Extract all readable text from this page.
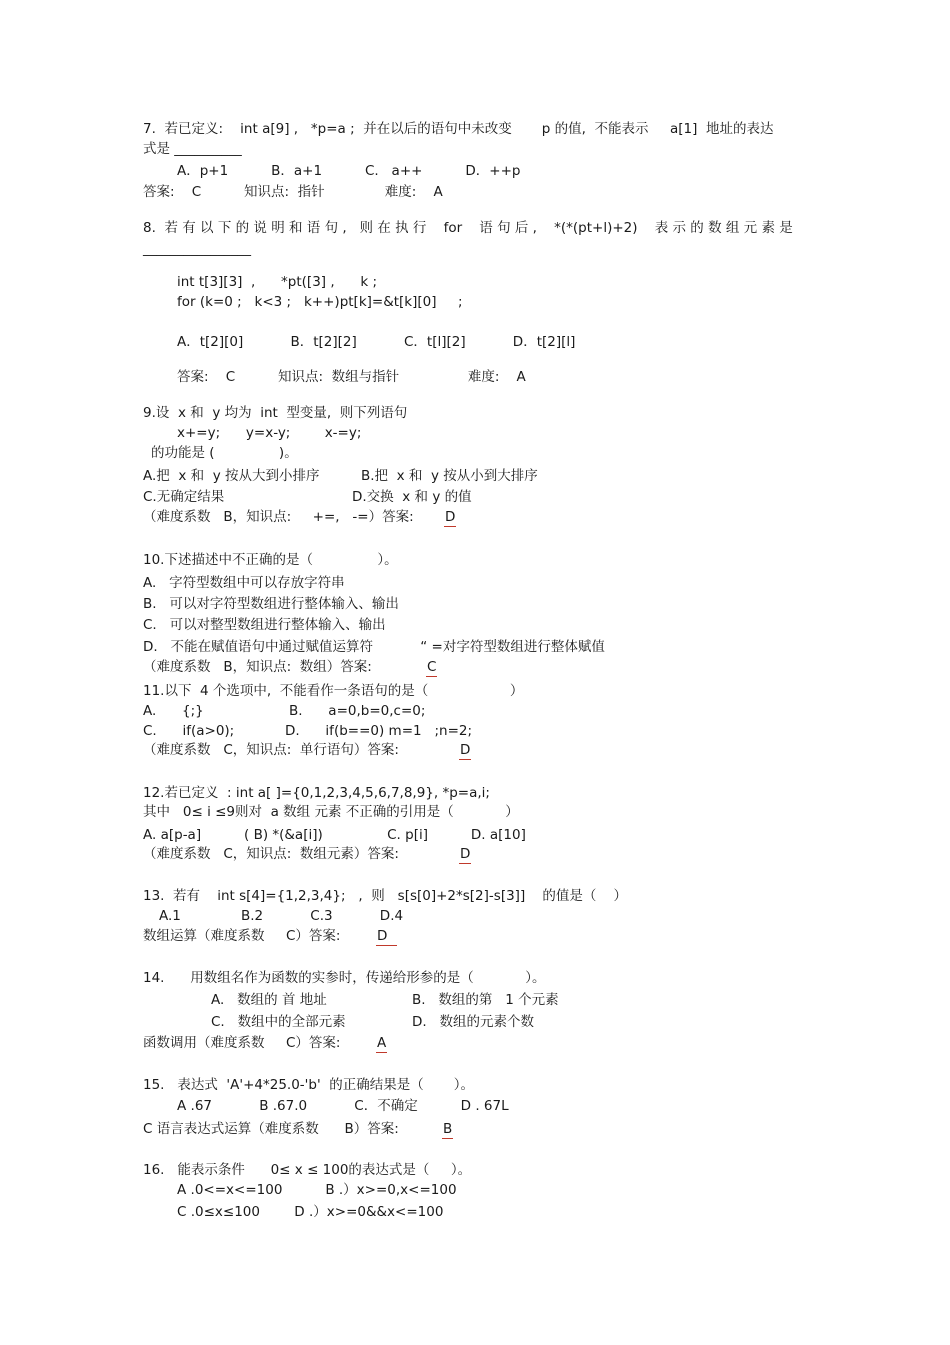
7.  若已定义:    int a[9] ,   *p=a ;  并在以后的语句中未改变       p 的值,  不能表示     a[1]  地址的表达
式是 __________
A．p+1          B．a+1          C.   a++          D．++p
答案:    C          知识点:  指针              难度:    A
8.  若 有 以 下 的 说 明 和 语 句 ,   则 在 执 行    for    语 句 后 ,    *(*(pt+l)+2)    表 示 的 数 组 元 素 是
________________
int t[3][3]  ,      *pt([3] ,      k ;
for (k=0 ;   k<3 ;   k++)pt[k]=&t[k][0]     ;
A．t[2][0]           B．t[2][2]           C．t[l][2]           D．t[2][l]
答案:    C          知识点:  数组与指针                难度:    A
9.设  x 和  y 均为  int  型变量,  则下列语句
x+=y;      y=x-y;        x-=y;
的功能是 (               )。
A.把  x 和  y 按从大到小排序	B.把  x 和  y 按从小到大排序
C.无确定结果	D.交换  x 和 y 的值
（难度系数   B，知识点:     +=,   -=）答案: D
10.下述描述中不正确的是（               ）。
A.   字符型数组中可以存放字符串
B.   可以对字符型数组进行整体输入、输出
C.   可以对整型数组进行整体输入、输出
D.   不能在赋值语句中通过赋值运算符           “ =对字符型数组进行整体赋值
（难度系数   B，知识点:  数组）答案:	C
11.以下  4 个选项中,  不能看作一条语句的是（                   ）
A.      {;}	B.      a=0,b=0,c=0;
C.      if(a>0);	D.      if(b==0) m=1   ;n=2;
（难度系数   C，知识点:  单行语句）答案:	D
12.若已定义  : int a[ ]={0,1,2,3,4,5,6,7,8,9}, *p=a,i;
其中   0≤ i ≤9则对  a 数组 元素 不正确的引用是（            ）
A. a[p-a]          ( B) *(&a[i])               C. p[i]          D. a[10]
（难度系数   C，知识点:  数组元素）答案:	D
13.  若有    int s[4]={1,2,3,4};   ,  则   s[s[0]+2*s[2]-s[3]]    的值是（    ）
A.1              B.2           C.3           D.4
数组运算（难度系数     C）答案:	D
14.      用数组名作为函数的实参时，传递给形参的是（            ）。
A.   数组的 首 地址	B.   数组的第   1 个元素
C.   数组中的全部元素	D.   数组的元素个数
函数调用（难度系数     C）答案:	A
15.   表达式  'A'+4*25.0-'b'  的正确结果是（       ）。
A .67           B .67.0           C．不确定          D . 67L
C 语言表达式运算（难度系数      B）答案:	B
16.   能表示条件      0≤ x ≤ 100的表达式是（     ）。
A .0<=x<=100          B .）x>=0,x<=100
C .0≤x≤100        D .）x>=0&&x<=100
